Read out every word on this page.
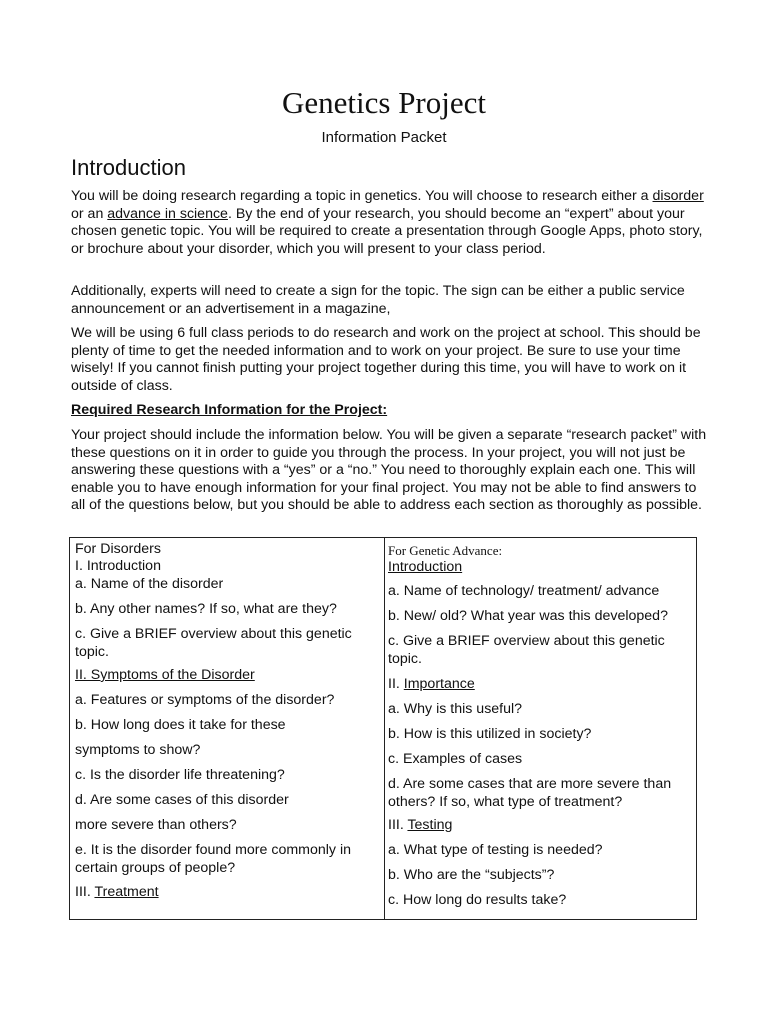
Genetics Project
Information Packet
Introduction

You will be doing research regarding a topic in genetics. You will choose to research either a disorder or an advance in science. By the end of your research, you should become an “expert” about your chosen genetic topic. You will be required to create a presentation through Google Apps, photo story, or brochure about your disorder, which you will present to your class period.

Additionally, experts will need to create a sign for the topic. The sign can be either a public service announcement or an advertisement in a magazine,

We will be using 6 full class periods to do research and work on the project at school. This should be plenty of time to get the needed information and to work on your project. Be sure to use your time wisely! If you cannot finish putting your project together during this time, you will have to work on it outside of class.

Required Research Information for the Project:

Your project should include the information below. You will be given a separate “research packet” with these questions on it in order to guide you through the process. In your project, you will not just be answering these questions with a “yes” or a “no.” You need to thoroughly explain each one. This will enable you to have enough information for your final project. You may not be able to find answers to all of the questions below, but you should be able to address each section as thoroughly as possible.

For Disorders

I. Introduction

a. Name of the disorder

b. Any other names? If so, what are they?

c. Give a BRIEF overview about this genetic topic.

II. Symptoms of the Disorder

a. Features or symptoms of the disorder?

b. How long does it take for these

symptoms to show?

c. Is the disorder life threatening?

d. Are some cases of this disorder

more severe than others?

e. It is the disorder found more commonly in certain groups of people?

III. Treatment

For Genetic Advance:

Introduction

a. Name of technology/ treatment/ advance

b. New/ old? What year was this developed?

c. Give a BRIEF overview about this genetic topic.

II. Importance

a. Why is this useful?

b. How is this utilized in society?

c. Examples of cases

d. Are some cases that are more severe than others? If so, what type of treatment?

III. Testing

a. What type of testing is needed?

b. Who are the “subjects”?

c. How long do results take?
